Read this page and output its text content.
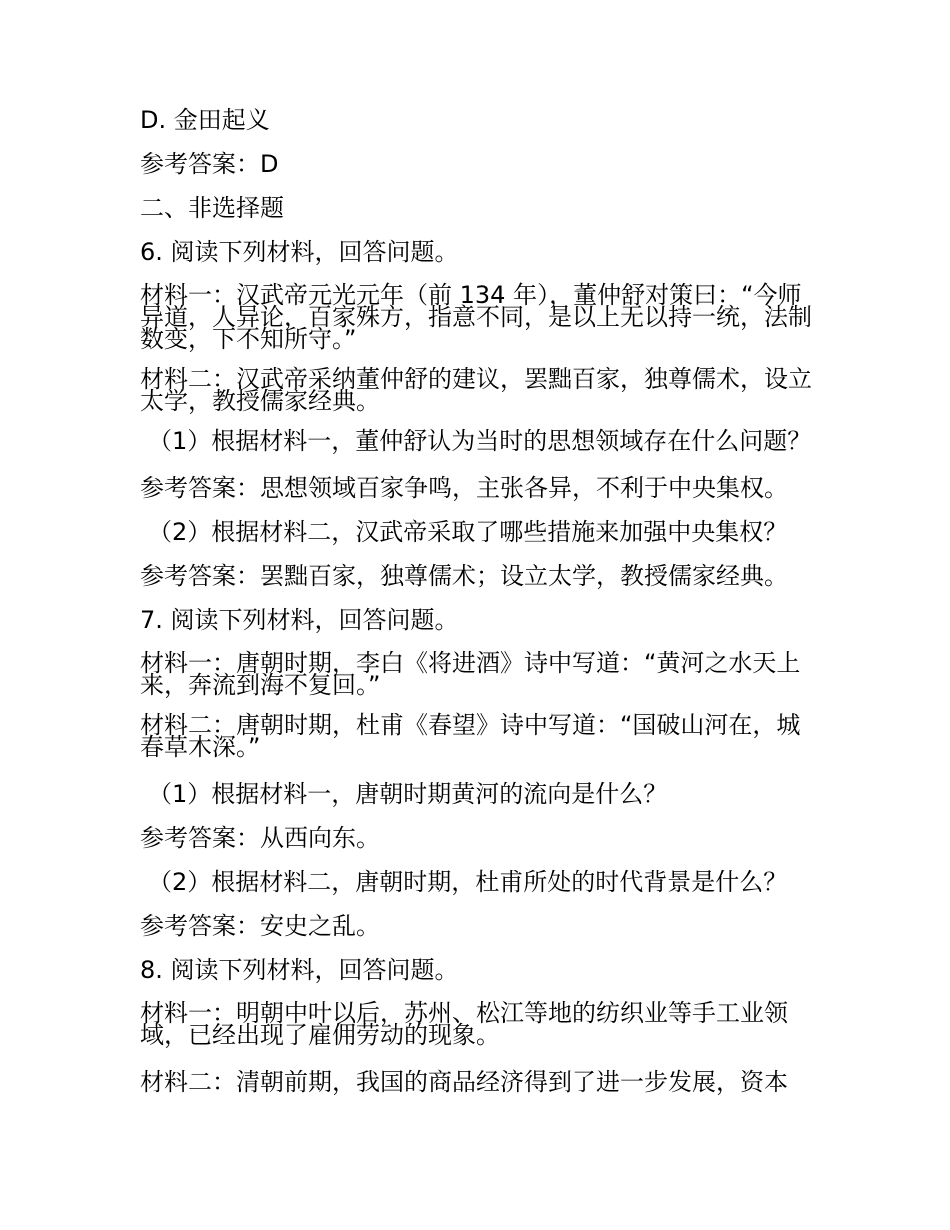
D. 金田起义

参考答案：D

二、非选择题

6. 阅读下列材料，回答问题。

材料一：汉武帝元光元年（前 134 年），董仲舒对策曰：“今师异道，人异论，百家殊方，指意不同，是以上无以持一统，法制数变，下不知所守。”

材料二：汉武帝采纳董仲舒的建议，罢黜百家，独尊儒术，设立太学，教授儒家经典。

（1）根据材料一，董仲舒认为当时的思想领域存在什么问题？

参考答案：思想领域百家争鸣，主张各异，不利于中央集权。

（2）根据材料二，汉武帝采取了哪些措施来加强中央集权？

参考答案：罢黜百家，独尊儒术；设立太学，教授儒家经典。

7. 阅读下列材料，回答问题。

材料一：唐朝时期，李白《将进酒》诗中写道：“黄河之水天上来，奔流到海不复回。”

材料二：唐朝时期，杜甫《春望》诗中写道：“国破山河在，城春草木深。”

（1）根据材料一，唐朝时期黄河的流向是什么？

参考答案：从西向东。

（2）根据材料二，唐朝时期，杜甫所处的时代背景是什么？

参考答案：安史之乱。

8. 阅读下列材料，回答问题。

材料一：明朝中叶以后，苏州、松江等地的纺织业等手工业领域，已经出现了雇佣劳动的现象。

材料二：清朝前期，我国的商品经济得到了进一步发展，资本
